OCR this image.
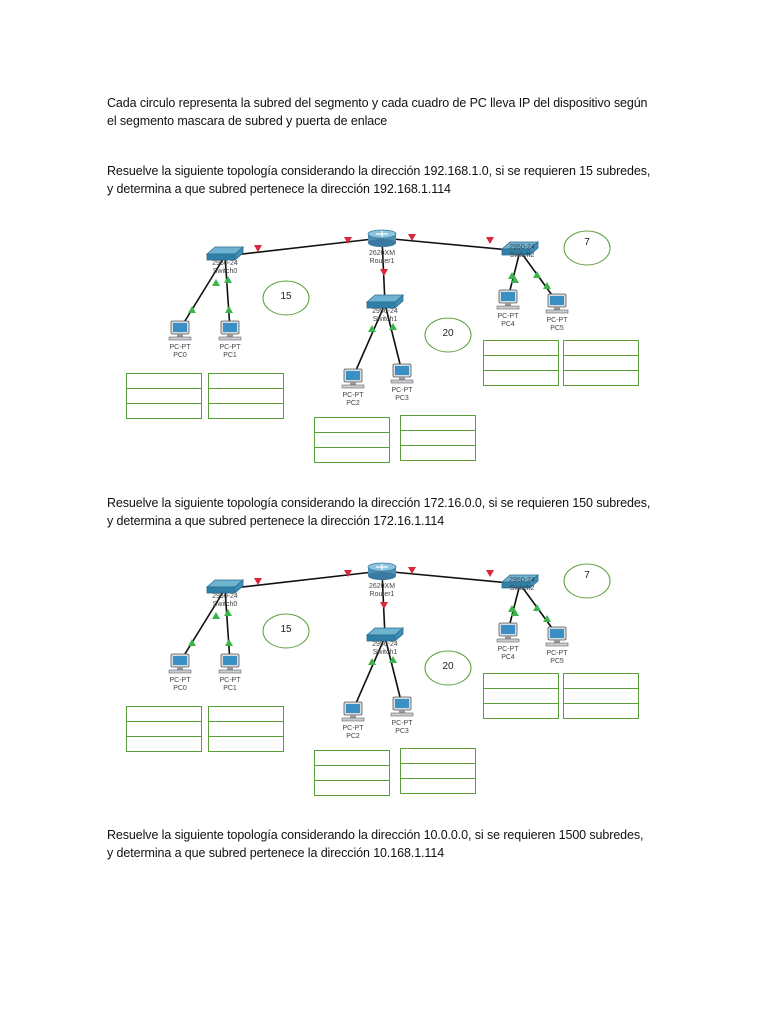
Cada circulo representa la subred del segmento y cada cuadro de PC lleva IP del dispositivo según
el segmento mascara de subred y puerta de enlace

Resuelve la siguiente topología considerando la dirección 192.168.1.0, si se requieren 15 subredes,
y determina a que subred pertenece la dirección 192.168.1.114

15
20
7
2950-24
Switch0
2620XM
Router1
2950-24
Switch1
2950-24
Switch2
PC-PT
PC0
PC-PT
PC1
PC-PT
PC2
PC-PT
PC3
PC-PT
PC4
PC-PT
PC5

Resuelve la siguiente topología considerando la dirección 172.16.0.0, si se requieren 150 subredes,
y determina a que subred pertenece la dirección 172.16.1.114

15
20
7
2950-24
Switch0
2620XM
Router1
2950-24
Switch1
2950-24
Switch2
PC-PT
PC0
PC-PT
PC1
PC-PT
PC2
PC-PT
PC3
PC-PT
PC4
PC-PT
PC5

Resuelve la siguiente topología considerando la dirección 10.0.0.0, si se requieren 1500 subredes,
y determina a que subred pertenece la dirección 10.168.1.114
